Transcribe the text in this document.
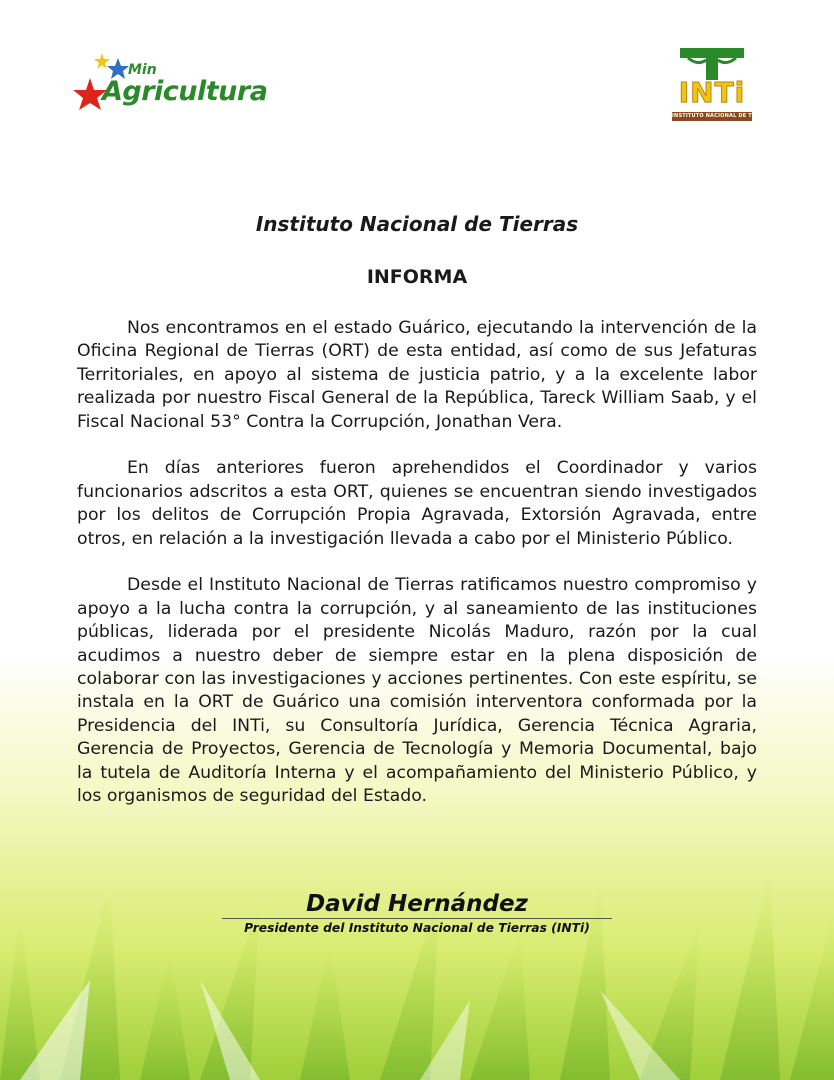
Min
Agricultura	INTi
INSTITUTO NACIONAL DE TIERRAS
Instituto Nacional de Tierras
INFORMA

Nos encontramos en el estado Guárico, ejecutando la intervención de la Oficina Regional de Tierras (ORT) de esta entidad, así como de sus Jefaturas Territoriales, en apoyo al sistema de justicia patrio, y a la excelente labor realizada por nuestro Fiscal General de la República, Tareck William Saab, y el Fiscal Nacional 53° Contra la Corrupción, Jonathan Vera.

En días anteriores fueron aprehendidos el Coordinador y varios funcionarios adscritos a esta ORT, quienes se encuentran siendo investigados por los delitos de Corrupción Propia Agravada, Extorsión Agravada, entre otros, en relación a la investigación llevada a cabo por el Ministerio Público.

Desde el Instituto Nacional de Tierras ratificamos nuestro compromiso y apoyo a la lucha contra la corrupción, y al saneamiento de las instituciones públicas, liderada por el presidente Nicolás Maduro, razón por la cual acudimos a nuestro deber de siempre estar en la plena disposición de colaborar con las investigaciones y acciones pertinentes. Con este espíritu, se instala en la ORT de Guárico una comisión interventora conformada por la Presidencia del INTi, su Consultoría Jurídica, Gerencia Técnica Agraria, Gerencia de Proyectos, Gerencia de Tecnología y Memoria Documental, bajo la tutela de Auditoría Interna y el acompañamiento del Ministerio Público, y los organismos de seguridad del Estado.

David Hernández
Presidente del Instituto Nacional de Tierras (INTi)
